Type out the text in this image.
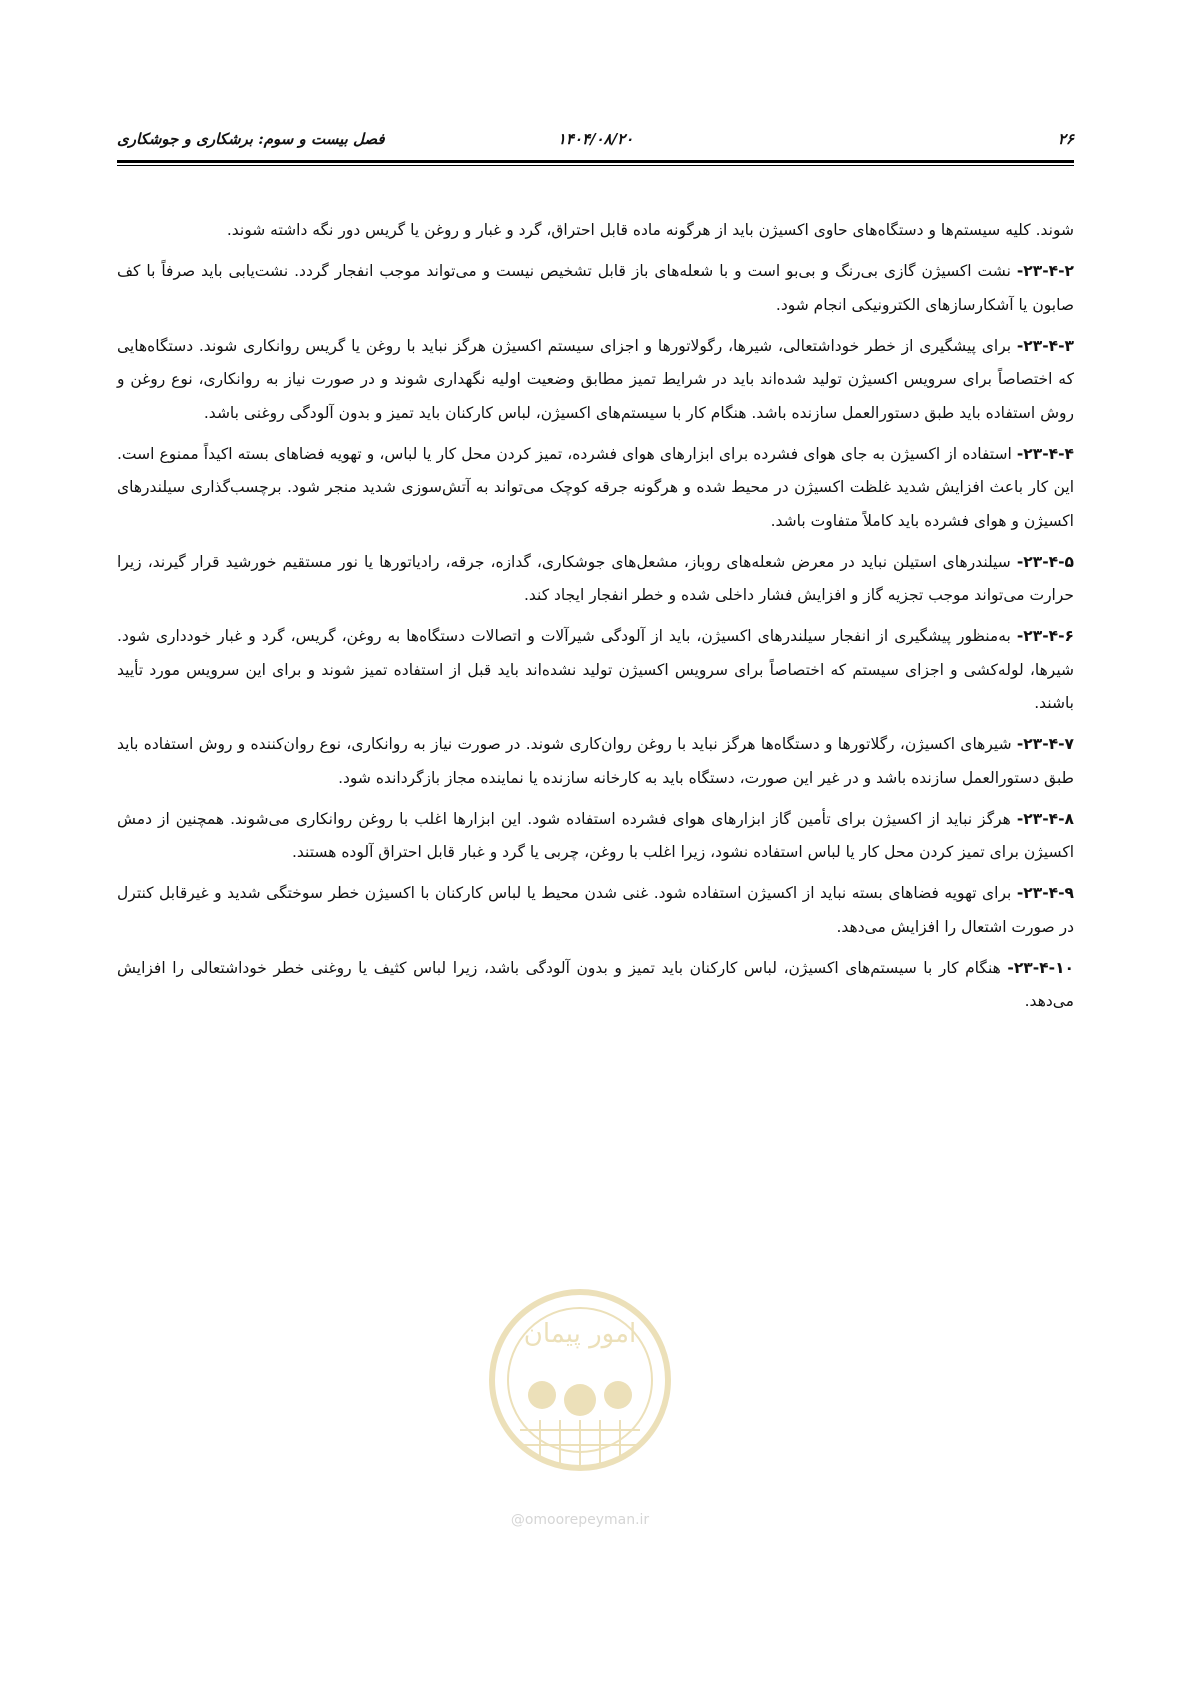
۲۶
۱۴۰۴/۰۸/۲۰
فصل بیست و سوم: برشکاری و جوشکاری

شوند. کلیه سیستم‌ها و دستگاه‌های حاوی اکسیژن باید از هرگونه ماده قابل احتراق، گرد و غبار و روغن یا گریس دور نگه داشته شوند.

۲۳-۴-۲- نشت اکسیژن گازی بی‌رنگ و بی‌بو است و با شعله‌های باز قابل تشخیص نیست و می‌تواند موجب انفجار گردد. نشت‌یابی باید صرفاً با کف صابون یا آشکارسازهای الکترونیکی انجام شود.

۲۳-۴-۳- برای پیشگیری از خطر خوداشتعالی، شیرها، رگولاتورها و اجزای سیستم اکسیژن هرگز نباید با روغن یا گریس روانکاری شوند. دستگاه‌هایی که اختصاصاً برای سرویس اکسیژن تولید شده‌اند باید در شرایط تمیز مطابق وضعیت اولیه نگهداری شوند و در صورت نیاز به روانکاری، نوع روغن و روش استفاده باید طبق دستورالعمل سازنده باشد. هنگام کار با سیستم‌های اکسیژن، لباس کارکنان باید تمیز و بدون آلودگی روغنی باشد.

۲۳-۴-۴- استفاده از اکسیژن به جای هوای فشرده برای ابزارهای هوای فشرده، تمیز کردن محل کار یا لباس، و تهویه فضاهای بسته اکیداً ممنوع است. این کار باعث افزایش شدید غلظت اکسیژن در محیط شده و هرگونه جرقه کوچک می‌تواند به آتش‌سوزی شدید منجر شود. برچسب‌گذاری سیلندرهای اکسیژن و هوای فشرده باید کاملاً متفاوت باشد.

۲۳-۴-۵- سیلندرهای استیلن نباید در معرض شعله‌های روباز، مشعل‌های جوشکاری، گدازه، جرقه، رادیاتورها یا نور مستقیم خورشید قرار گیرند، زیرا حرارت می‌تواند موجب تجزیه گاز و افزایش فشار داخلی شده و خطر انفجار ایجاد کند.

۲۳-۴-۶- به‌منظور پیشگیری از انفجار سیلندرهای اکسیژن، باید از آلودگی شیرآلات و اتصالات دستگاه‌ها به روغن، گریس، گرد و غبار خودداری شود. شیرها، لوله‌کشی و اجزای سیستم که اختصاصاً برای سرویس اکسیژن تولید نشده‌اند باید قبل از استفاده تمیز شوند و برای این سرویس مورد تأیید باشند.

۲۳-۴-۷- شیرهای اکسیژن، رگلاتورها و دستگاه‌ها هرگز نباید با روغن روان‌کاری شوند. در صورت نیاز به روانکاری، نوع روان‌کننده و روش استفاده باید طبق دستورالعمل سازنده باشد و در غیر این صورت، دستگاه باید به کارخانه سازنده یا نماینده مجاز بازگردانده شود.

۲۳-۴-۸- هرگز نباید از اکسیژن برای تأمین گاز ابزارهای هوای فشرده استفاده شود. این ابزارها اغلب با روغن روانکاری می‌شوند. همچنین از دمش اکسیژن برای تمیز کردن محل کار یا لباس استفاده نشود، زیرا اغلب با روغن، چربی یا گرد و غبار قابل احتراق آلوده هستند.

۲۳-۴-۹- برای تهویه فضاهای بسته نباید از اکسیژن استفاده شود. غنی شدن محیط یا لباس کارکنان با اکسیژن خطر سوختگی شدید و غیرقابل کنترل در صورت اشتعال را افزایش می‌دهد.

۲۳-۴-۱۰- هنگام کار با سیستم‌های اکسیژن، لباس کارکنان باید تمیز و بدون آلودگی باشد، زیرا لباس کثیف یا روغنی خطر خوداشتعالی را افزایش می‌دهد.

امور پیمان
@omoorepeyman.ir
